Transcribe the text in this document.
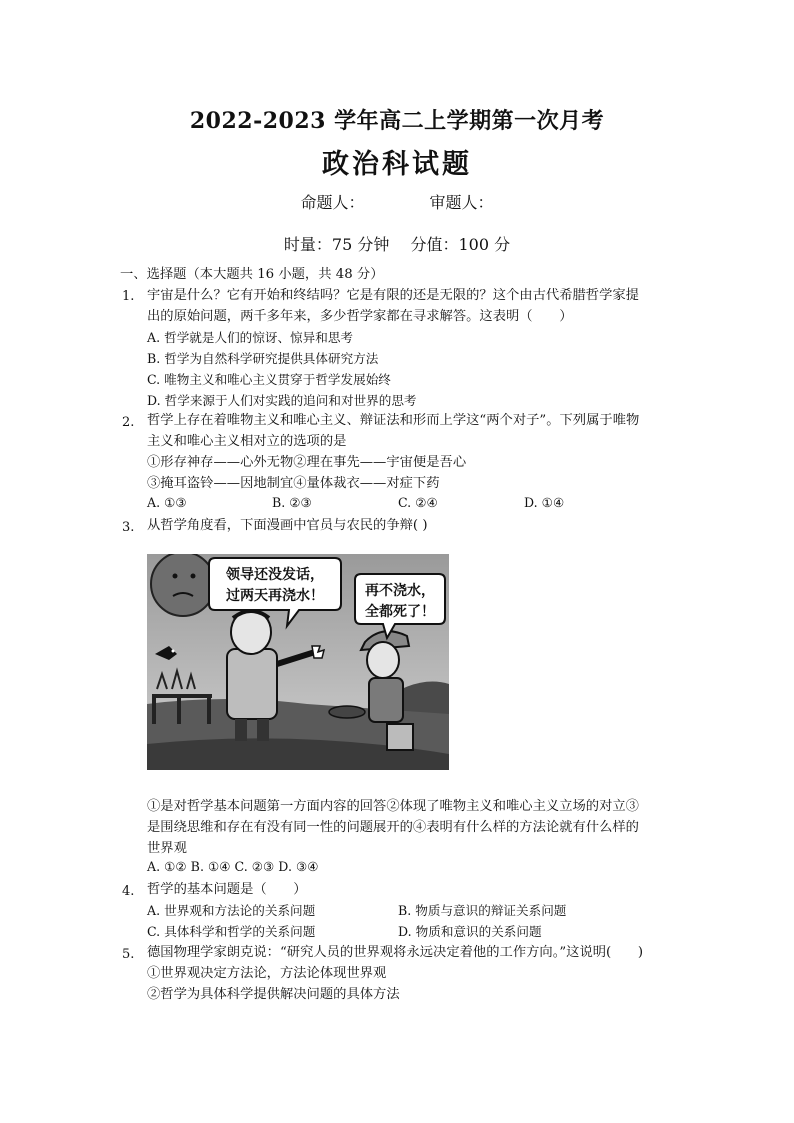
2022-2023 学年高二上学期第一次月考
政治科试题
命题人：	审题人：
时量：75 分钟 分值：100 分
一、选择题（本大题共 16 小题，共 48 分）
1. 宇宙是什么？它有开始和终结吗？它是有限的还是无限的？这个由古代希腊哲学家提
出的原始问题，两千多年来，多少哲学家都在寻求解答。这表明（　　）
A. 哲学就是人们的惊讶、惊异和思考
B. 哲学为自然科学研究提供具体研究方法
C. 唯物主义和唯心主义贯穿于哲学发展始终
D. 哲学来源于人们对实践的追问和对世界的思考
2. 哲学上存在着唯物主义和唯心主义、辩证法和形而上学这“两个对子”。下列属于唯物
主义和唯心主义相对立的选项的是
①形存神存——心外无物②理在事先——宇宙便是吾心
③掩耳盗铃——因地制宜④量体裁衣——对症下药
A. ①③	B. ②③	C. ②④	D. ①④
3. 从哲学角度看，下面漫画中官员与农民的争辩( )
领导还没发话，
过两天再浇水！	再不浇水，
全都死了！
①是对哲学基本问题第一方面内容的回答②体现了唯物主义和唯心主义立场的对立③
是围绕思维和存在有没有同一性的问题展开的④表明有什么样的方法论就有什么样的
世界观
A. ①② B. ①④ C. ②③ D. ③④
4. 哲学的基本问题是（　　）
A. 世界观和方法论的关系问题	B. 物质与意识的辩证关系问题
C. 具体科学和哲学的关系问题	D. 物质和意识的关系问题
5. 德国物理学家朗克说：“研究人员的世界观将永远决定着他的工作方向。”这说明(　　)
①世界观决定方法论，方法论体现世界观
②哲学为具体科学提供解决问题的具体方法
